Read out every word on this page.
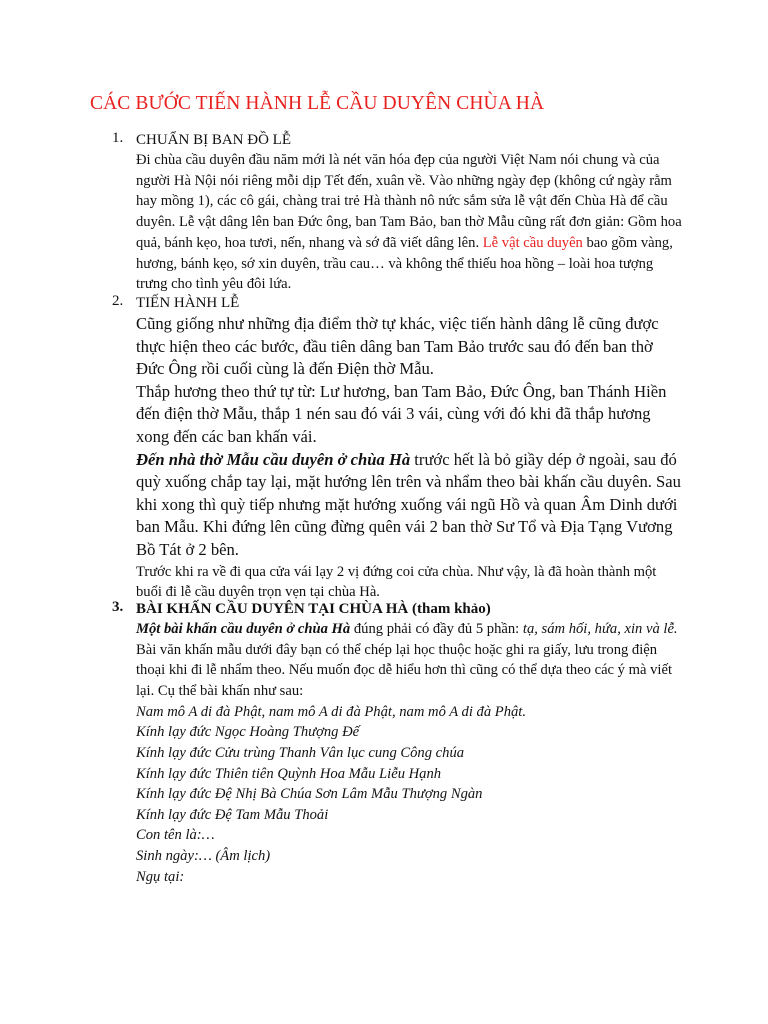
CÁC BƯỚC TIẾN HÀNH LỄ CẦU DUYÊN CHÙA HÀ
1. CHUẨN BỊ BAN ĐỒ LỄ

Đi chùa cầu duyên đầu năm mới là nét văn hóa đẹp của người Việt Nam nói chung và của người Hà Nội nói riêng mỗi dịp Tết đến, xuân về. Vào những ngày đẹp (không cứ ngày rằm hay mồng 1), các cô gái, chàng trai trẻ Hà thành nô nức sắm sửa lễ vật đến Chùa Hà để cầu duyên. Lễ vật dâng lên ban Đức ông, ban Tam Bảo, ban thờ Mẫu cũng rất đơn giản: Gồm hoa quả, bánh kẹo, hoa tươi, nến, nhang và sớ đã viết dâng lên. Lễ vật cầu duyên bao gồm vàng, hương, bánh kẹo, sớ xin duyên, trầu cau… và không thể thiếu hoa hồng – loài hoa tượng trưng cho tình yêu đôi lứa.

2. TIẾN HÀNH LỄ

Cũng giống như những địa điểm thờ tự khác, việc tiến hành dâng lễ cũng được thực hiện theo các bước, đầu tiên dâng ban Tam Bảo trước sau đó đến ban thờ Đức Ông rồi cuối cùng là đến Điện thờ Mẫu.

Thắp hương theo thứ tự từ: Lư hương, ban Tam Bảo, Đức Ông, ban Thánh Hiền đến điện thờ Mẫu, thắp 1 nén sau đó vái 3 vái, cùng với đó khi đã thắp hương xong đến các ban khấn vái.

Đến nhà thờ Mẫu cầu duyên ở chùa Hà trước hết là bỏ giầy dép ở ngoài, sau đó quỳ xuống chắp tay lại, mặt hướng lên trên và nhẩm theo bài khấn cầu duyên. Sau khi xong thì quỳ tiếp nhưng mặt hướng xuống vái ngũ Hồ và quan Âm Dinh dưới ban Mẫu. Khi đứng lên cũng đừng quên vái 2 ban thờ Sư Tổ và Địa Tạng Vương Bồ Tát ở 2 bên.

Trước khi ra về đi qua cửa vái lạy 2 vị đứng coi cửa chùa. Như vậy, là đã hoàn thành một buổi đi lễ cầu duyên trọn vẹn tại chùa Hà.

3. BÀI KHẤN CẦU DUYÊN TẠI CHÙA HÀ (tham khảo)

Một bài khấn cầu duyên ở chùa Hà đúng phải có đầy đủ 5 phần: tạ, sám hối, hứa, xin và lễ. Bài văn khấn mẫu dưới đây bạn có thể chép lại học thuộc hoặc ghi ra giấy, lưu trong điện thoại khi đi lễ nhẩm theo. Nếu muốn đọc dễ hiểu hơn thì cũng có thể dựa theo các ý mà viết lại. Cụ thể bài khấn như sau:

Nam mô A di đà Phật, nam mô A di đà Phật, nam mô A di đà Phật.

Kính lạy đức Ngọc Hoàng Thượng Đế

Kính lạy đức Cửu trùng Thanh Vân lục cung Công chúa

Kính lạy đức Thiên tiên Quỳnh Hoa Mẫu Liễu Hạnh

Kính lạy đức Đệ Nhị Bà Chúa Sơn Lâm Mẫu Thượng Ngàn

Kính lạy đức Đệ Tam Mẫu Thoải

Con tên là:…

Sinh ngày:… (Âm lịch)

Ngụ tại:
